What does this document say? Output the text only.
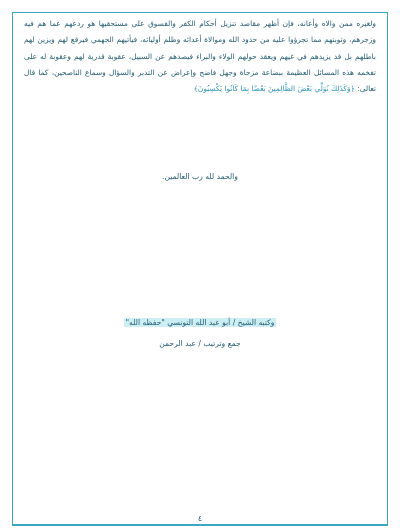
ولغيره ممن والاه وأعانه، فإن أظهر مقاصد تنزيل أحكام الكفر والفسوق على مستحقيها هو ردعهم عما هم فيه وزجرهم، وتوبتهم مما تجرؤوا عليه من حدود الله وموالاة أعدائه وظلم أوليائه، فيأتيهم الجهمي فيرقع لهم ويزين لهم باطلهم بل قد يزيدهم في غيهم ويعقد حولهم الولاء والبراء فيصدهم عن السبيل، عقوبة قدرية لهم وعقوبة له على تفخمه هذه المسائل العظيمة ببضاعة مزجاة وجهل فاضح وإعراض عن التدبر والسؤال وسماع الناصحين، كما قال تعالى: ﴿وَكَذَلِكَ نُوَلِّي بَعْضَ الظَّالِمِينَ بَعْضًا بِمَا كَانُوا يَكْسِبُونَ﴾

والحمد لله رب العالمين.

وكتبه الشيخ / أبو عبد الله التونسي "حفظه الله"

جمع وترتيب / عبد الرحمن

٤
